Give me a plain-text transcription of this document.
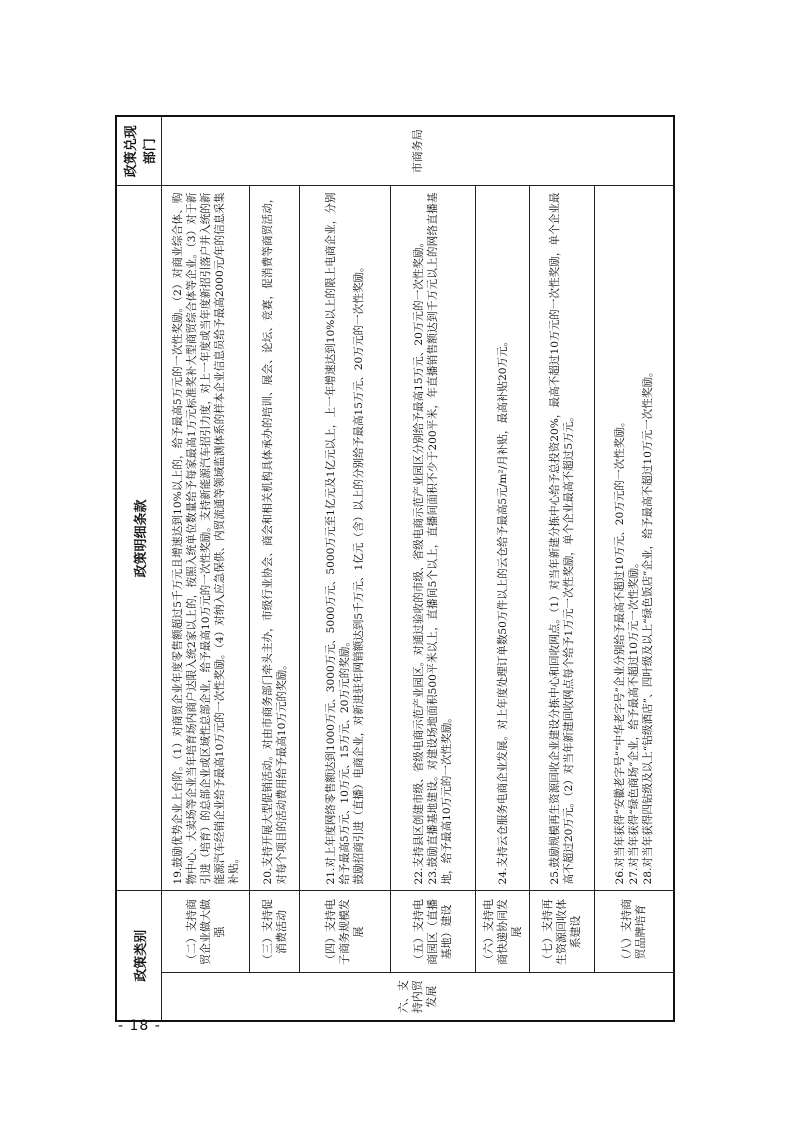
- 18 -
政策类别		政策明细条款	政策兑现部门
六、支持内贸发展	（二）支持商贸企业做大做强	19.鼓励优势企业上台阶。（1）对商贸企业年度零售额超过5千万元且增速达到10%以上的，给予最高5万元的一次性奖励。（2）对商业综合体、购物中心、大卖场等企业当年培育场内商户达限入统2家以上的，按照入统单位数量给予每家最高1万元标准奖补大型商贸综合体等企业。（3）对于新引进（培育）的总部企业或区域性总部企业，给予最高10万元的一次性奖励。支持新能源汽车招引力度，对上一年度或当年度新招引落户并入统的新能源汽车经销企业给予最高10万元的一次性奖励。（4）对纳入应急保供、内贸流通等领域监测体系的样本企业信息员给予最高2000元/年的信息采集补贴。	市商务局
	（三）支持促消费活动	20.支持开展大型促销活动。对由市商务部门牵头主办，市级行业协会、商会和相关机构具体承办的培训、展会、论坛、竞赛，促消费等商贸活动，对每个项目的活动费用给予最高10万元的奖励。	

	（四）支持电子商务规模发展	21.对上年度网络零售额达到1000万元、3000万元、5000万元、5000万元至1亿元及1亿元以上，上一年增速达到10%以上的限上电商企业，分别给予最高5万元、10万元、15万元、20万元的奖励。 鼓励招商引进（直播）电商企业，对新进驻年网销额达到5千万元、1亿元（含）以上的分别给予最高15万元、20万元的一次性奖励。	

	（五）支持电商园区（直播基地）建设	22.支持县区创建市级、省级电商示范产业园区。对通过验收的市级、省级电商示范产业园区分别给予最高15万元、20万元的一次性奖励。 23.鼓励直播基地建设。对建设场地面积500平米以上，直播间5个以上，直播间面积不少于200平米，年直播销售额达到千万元以上的网络直播基地，给予最高10万元的一次性奖励。	

	（六）支持电商快递协同发展	24.支持云仓服务电商企业发展。对上年度处理订单数50万件以上的云仓给予最高5元/m²/月补贴，最高补贴20万元。	

	（七）支持再生资源回收体系建设	25.鼓励规模再生资源回收企业建设分拣中心和回收网点。（1）对当年新建分拣中心给予总投资20%，最高不超过10万元的一次性奖励，单个企业最高不超过20万元。（2）对当年新建回收网点每个给予1万元一次性奖励，单个企业最高不超过5万元。	

	（八）支持商贸品牌培育	26.对当年获得“安徽老字号”“中华老字号”企业分别给予最高不超过10万元、20万元的一次性奖励。 27.对当年获得“绿色商场”企业，给予最高不超过10万元一次性奖励。 28.对当年获得四钻级及以上“钻级酒店”、四叶级及以上“绿色饭店”企业，给予最高不超过10万元一次性奖励。	
